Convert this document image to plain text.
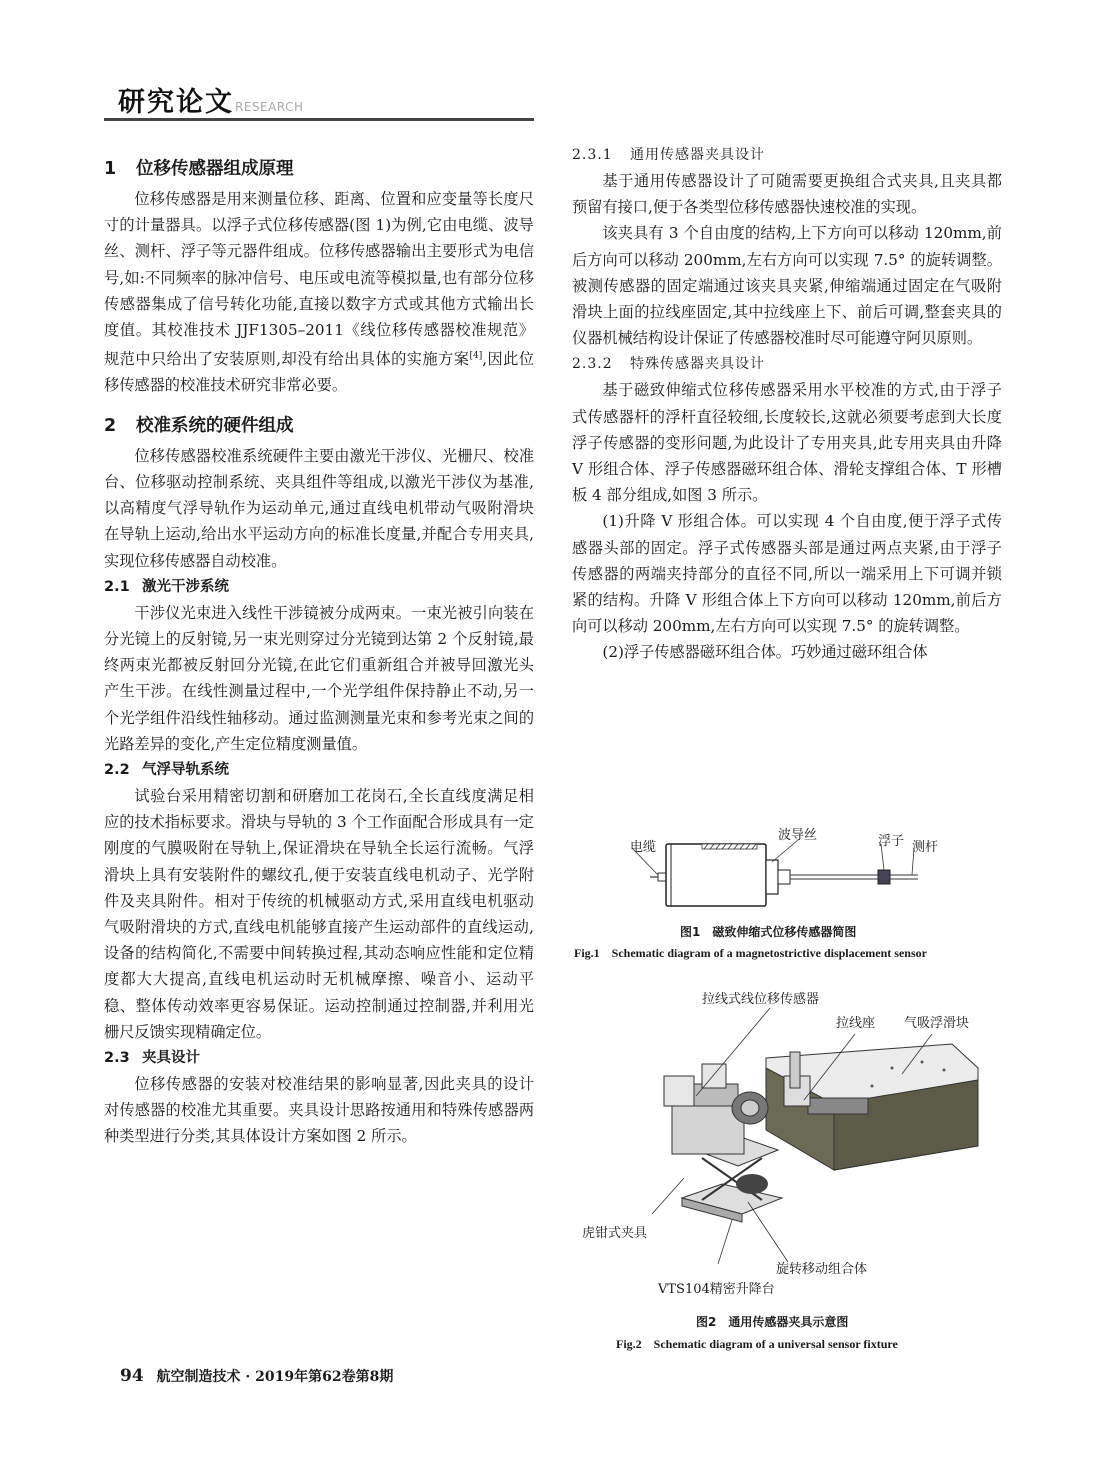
研究论文 RESEARCH
1 位移传感器组成原理

位移传感器是用来测量位移、距离、位置和应变量等长度尺寸的计量器具。以浮子式位移传感器(图 1)为例,它由电缆、波导丝、测杆、浮子等元器件组成。位移传感器输出主要形式为电信号,如:不同频率的脉冲信号、电压或电流等模拟量,也有部分位移传感器集成了信号转化功能,直接以数字方式或其他方式输出长度值。其校准技术 JJF1305–2011《线位移传感器校准规范》规范中只给出了安装原则,却没有给出具体的实施方案[4],因此位移传感器的校准技术研究非常必要。

2 校准系统的硬件组成

位移传感器校准系统硬件主要由激光干涉仪、光栅尺、校准台、位移驱动控制系统、夹具组件等组成,以激光干涉仪为基准,以高精度气浮导轨作为运动单元,通过直线电机带动气吸附滑块在导轨上运动,给出水平运动方向的标准长度量,并配合专用夹具,实现位移传感器自动校准。

2.1 激光干涉系统

干涉仪光束进入线性干涉镜被分成两束。一束光被引向装在分光镜上的反射镜,另一束光则穿过分光镜到达第 2 个反射镜,最终两束光都被反射回分光镜,在此它们重新组合并被导回激光头产生干涉。在线性测量过程中,一个光学组件保持静止不动,另一个光学组件沿线性轴移动。通过监测测量光束和参考光束之间的光路差异的变化,产生定位精度测量值。

2.2 气浮导轨系统

试验台采用精密切割和研磨加工花岗石,全长直线度满足相应的技术指标要求。滑块与导轨的 3 个工作面配合形成具有一定刚度的气膜吸附在导轨上,保证滑块在导轨全长运行流畅。气浮滑块上具有安装附件的螺纹孔,便于安装直线电机动子、光学附件及夹具附件。相对于传统的机械驱动方式,采用直线电机驱动气吸附滑块的方式,直线电机能够直接产生运动部件的直线运动,设备的结构简化,不需要中间转换过程,其动态响应性能和定位精度都大大提高,直线电机运动时无机械摩擦、噪音小、运动平稳、整体传动效率更容易保证。运动控制通过控制器,并利用光栅尺反馈实现精确定位。

2.3 夹具设计

位移传感器的安装对校准结果的影响显著,因此夹具的设计对传感器的校准尤其重要。夹具设计思路按通用和特殊传感器两种类型进行分类,其具体设计方案如图 2 所示。

2.3.1 通用传感器夹具设计

基于通用传感器设计了可随需要更换组合式夹具,且夹具都预留有接口,便于各类型位移传感器快速校准的实现。

该夹具有 3 个自由度的结构,上下方向可以移动 120mm,前后方向可以移动 200mm,左右方向可以实现 7.5° 的旋转调整。被测传感器的固定端通过该夹具夹紧,伸缩端通过固定在气吸附滑块上面的拉线座固定,其中拉线座上下、前后可调,整套夹具的仪器机械结构设计保证了传感器校准时尽可能遵守阿贝原则。

2.3.2 特殊传感器夹具设计

基于磁致伸缩式位移传感器采用水平校准的方式,由于浮子式传感器杆的浮杆直径较细,长度较长,这就必须要考虑到大长度浮子传感器的变形问题,为此设计了专用夹具,此专用夹具由升降 V 形组合体、浮子传感器磁环组合体、滑轮支撑组合体、T 形槽板 4 部分组成,如图 3 所示。

(1)升降 V 形组合体。可以实现 4 个自由度,便于浮子式传感器头部的固定。浮子式传感器头部是通过两点夹紧,由于浮子传感器的两端夹持部分的直径不同,所以一端采用上下可调并锁紧的结构。升降 V 形组合体上下方向可以移动 120mm,前后方向可以移动 200mm,左右方向可以实现 7.5° 的旋转调整。

(2)浮子传感器磁环组合体。巧妙通过磁环组合体

电缆
波导丝	浮子 测杆
图1　磁致伸缩式位移传感器简图
Fig.1　Schematic diagram of a magnetostrictive displacement sensor
拉线式线位移传感器
拉线座 气吸浮滑块
虎钳式夹具
旋转移动组合体
VTS104精密升降台
图2　通用传感器夹具示意图
Fig.2　Schematic diagram of a universal sensor fixture
94 航空制造技术 · 2019年第62卷第8期
